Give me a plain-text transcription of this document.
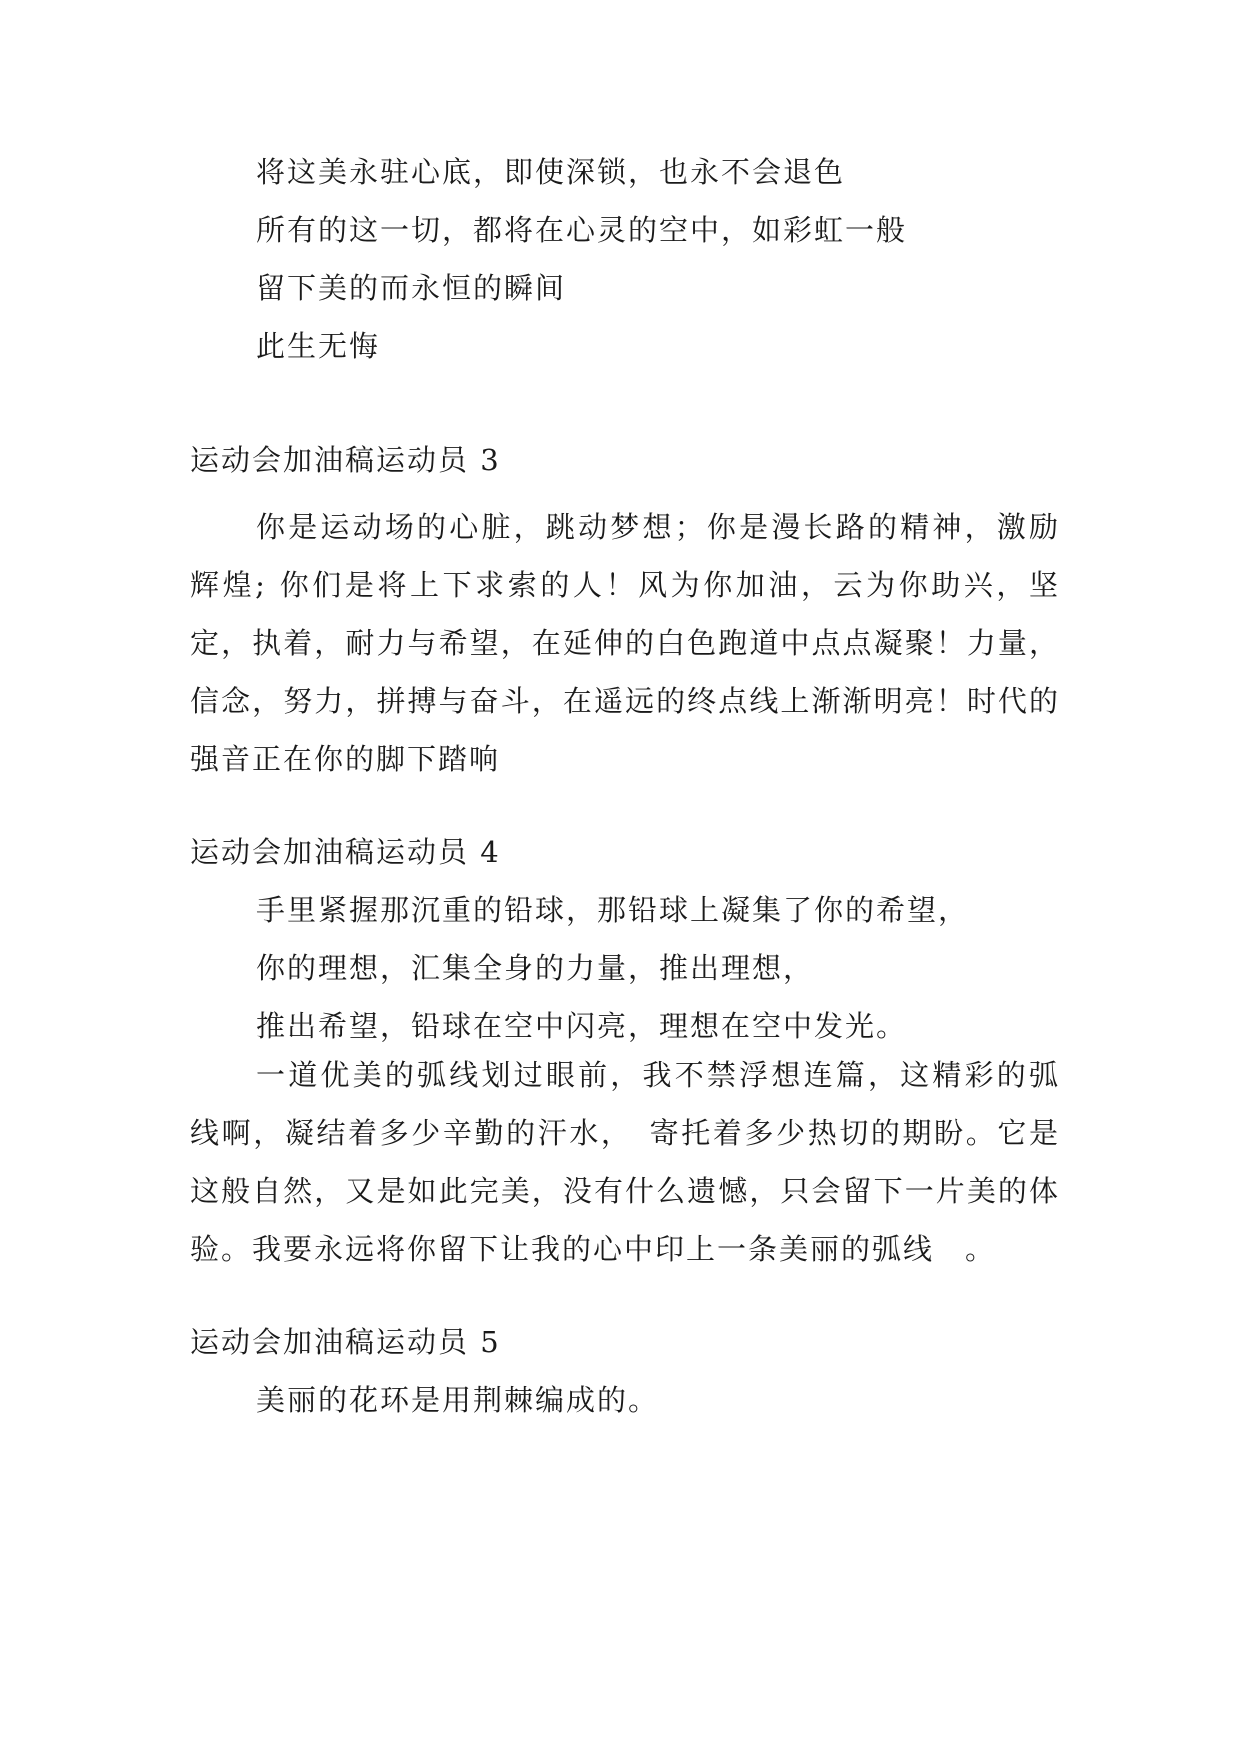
将这美永驻心底，即使深锁，也永不会退色
所有的这一切，都将在心灵的空中，如彩虹一般
留下美的而永恒的瞬间
此生无悔
运动会加油稿运动员 3

你是运动场的心脏，跳动梦想；你是漫长路的精神，激励辉煌; 你们是将上下求索的人！风为你加油，云为你助兴，坚定，执着，耐力与希望，在延伸的白色跑道中点点凝聚！力量，信念，努力，拼搏与奋斗，在遥远的终点线上渐渐明亮！时代的强音正在你的脚下踏响

运动会加油稿运动员 4
手里紧握那沉重的铅球，那铅球上凝集了你的希望，
你的理想，汇集全身的力量，推出理想，
推出希望，铅球在空中闪亮，理想在空中发光。

一道优美的弧线划过眼前，我不禁浮想连篇，这精彩的弧线啊，凝结着多少辛勤的汗水，　寄托着多少热切的期盼。它是这般自然，又是如此完美，没有什么遗憾，只会留下一片美的体验。我要永远将你留下让我的心中印上一条美丽的弧线　。

运动会加油稿运动员 5
美丽的花环是用荆棘编成的。
